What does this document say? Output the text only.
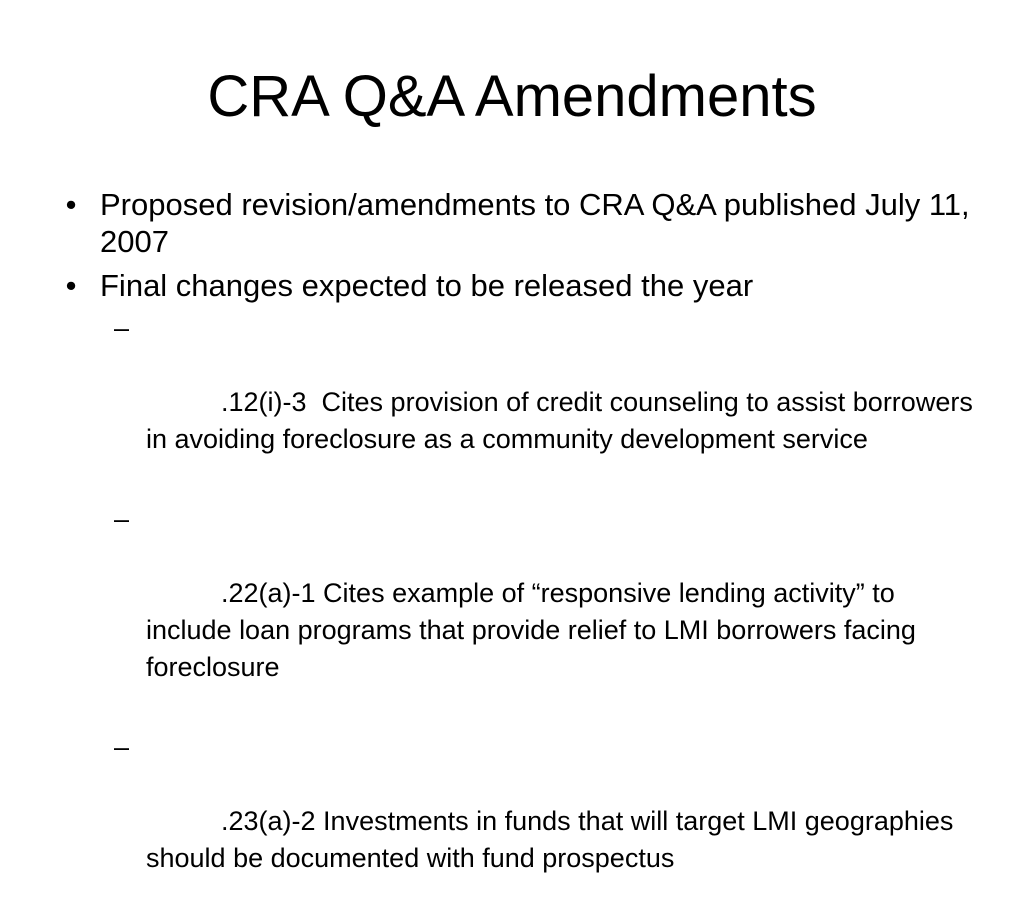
CRA Q&A Amendments
• Proposed revision/amendments to CRA Q&A published July 11, 2007
• Final changes expected to be released the year

–

.12(i)-3  Cites provision of credit counseling to assist borrowers in avoiding foreclosure as a community development service

–

.22(a)-1 Cites example of “responsive lending activity” to include loan programs that provide relief to LMI borrowers facing foreclosure

–

.23(a)-2 Investments in funds that will target LMI geographies should be documented with fund prospectus
